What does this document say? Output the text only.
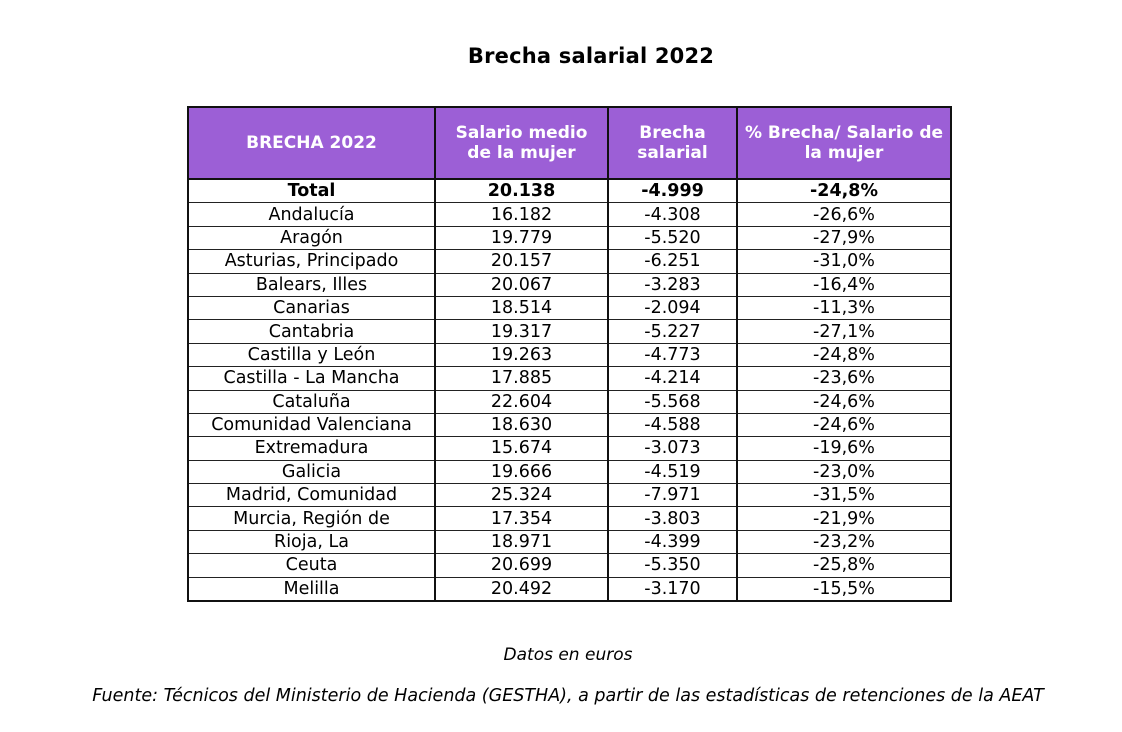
Brecha salarial 2022
BRECHA 2022	Salario medio de la mujer	Brecha salarial	% Brecha/ Salario de la mujer
Total	20.138	-4.999	-24,8%
Andalucía	16.182	-4.308	-26,6%
Aragón	19.779	-5.520	-27,9%
Asturias, Principado	20.157	-6.251	-31,0%
Balears, Illes	20.067	-3.283	-16,4%
Canarias	18.514	-2.094	-11,3%
Cantabria	19.317	-5.227	-27,1%
Castilla y León	19.263	-4.773	-24,8%
Castilla - La Mancha	17.885	-4.214	-23,6%
Cataluña	22.604	-5.568	-24,6%
Comunidad Valenciana	18.630	-4.588	-24,6%
Extremadura	15.674	-3.073	-19,6%
Galicia	19.666	-4.519	-23,0%
Madrid, Comunidad	25.324	-7.971	-31,5%
Murcia, Región de	17.354	-3.803	-21,9%
Rioja, La	18.971	-4.399	-23,2%
Ceuta	20.699	-5.350	-25,8%
Melilla	20.492	-3.170	-15,5%
Datos en euros
Fuente: Técnicos del Ministerio de Hacienda (GESTHA), a partir de las estadísticas de retenciones de la AEAT
